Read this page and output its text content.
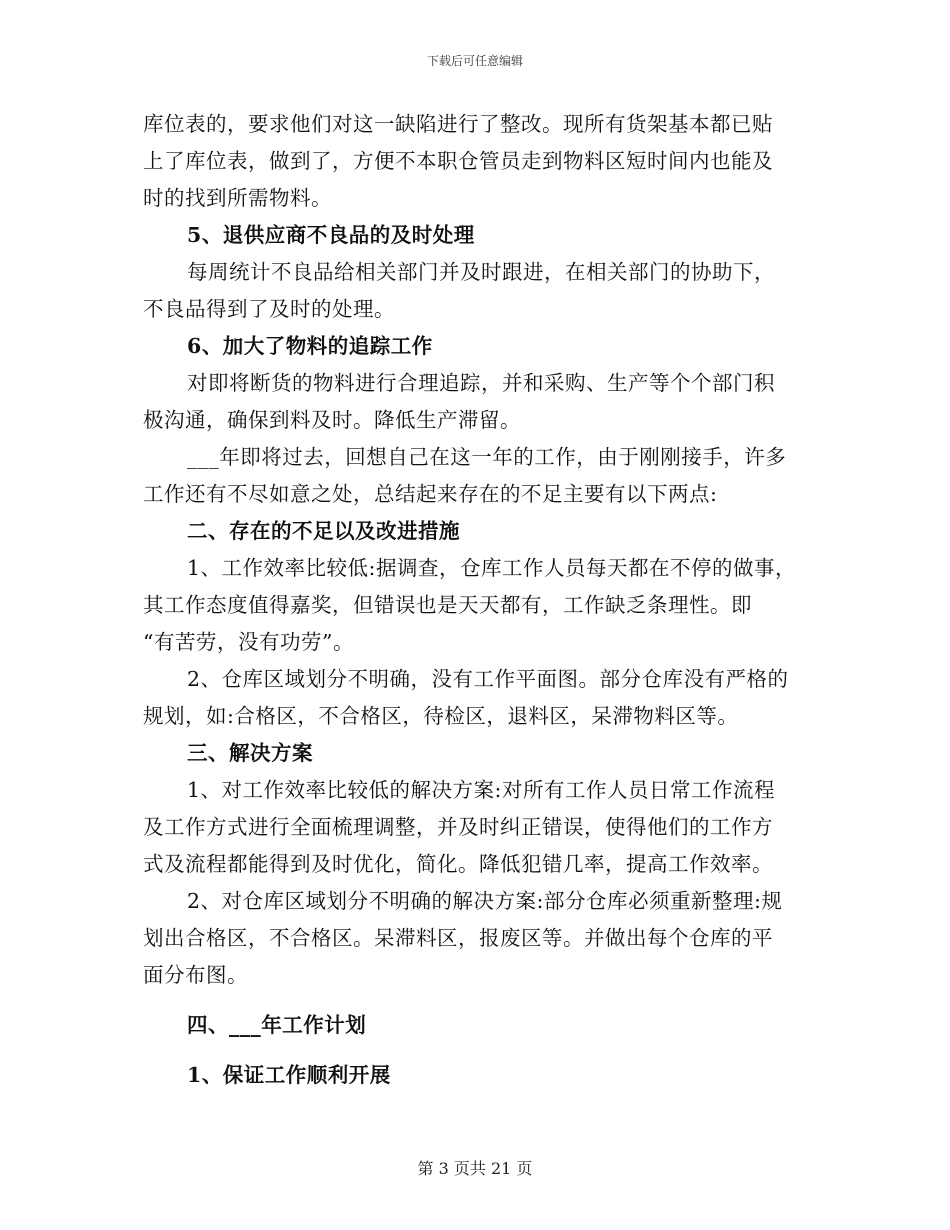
下载后可任意编辑
库位表的，要求他们对这一缺陷进行了整改。现所有货架基本都已贴
上了库位表，做到了，方便不本职仓管员走到物料区短时间内也能及
时的找到所需物料。
5、退供应商不良品的及时处理
每周统计不良品给相关部门并及时跟进，在相关部门的协助下，
不良品得到了及时的处理。
6、加大了物料的追踪工作
对即将断货的物料进行合理追踪，并和采购、生产等个个部门积
极沟通，确保到料及时。降低生产滞留。
___年即将过去，回想自己在这一年的工作，由于刚刚接手，许多
工作还有不尽如意之处，总结起来存在的不足主要有以下两点:
二、存在的不足以及改进措施
1、工作效率比较低:据调查，仓库工作人员每天都在不停的做事，
其工作态度值得嘉奖，但错误也是天天都有，工作缺乏条理性。即
“有苦劳，没有功劳”。
2、仓库区域划分不明确，没有工作平面图。部分仓库没有严格的
规划，如:合格区，不合格区，待检区，退料区，呆滞物料区等。
三、解决方案
1、对工作效率比较低的解决方案:对所有工作人员日常工作流程
及工作方式进行全面梳理调整，并及时纠正错误，使得他们的工作方
式及流程都能得到及时优化，简化。降低犯错几率，提高工作效率。
2、对仓库区域划分不明确的解决方案:部分仓库必须重新整理:规
划出合格区，不合格区。呆滞料区，报废区等。并做出每个仓库的平
面分布图。
四、___年工作计划
1、保证工作顺利开展
第 3 页共 21 页
